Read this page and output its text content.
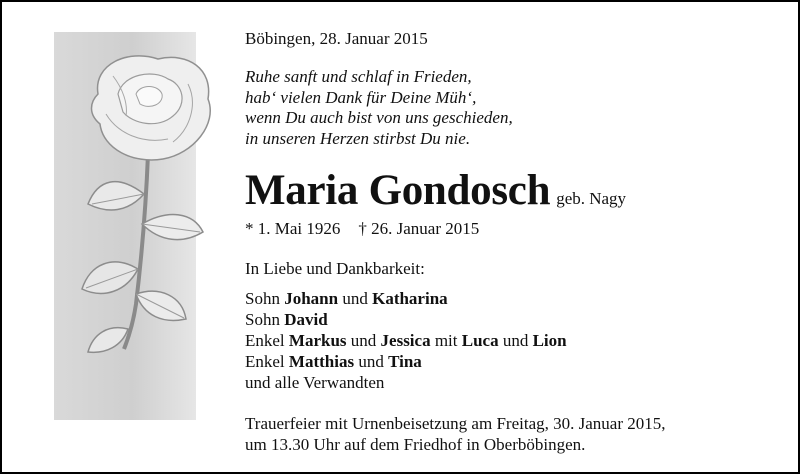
Böbingen, 28. Januar 2015
Ruhe sanft und schlaf in Frieden,
hab‘ vielen Dank für Deine Müh‘,
wenn Du auch bist von uns geschieden,
in unseren Herzen stirbst Du nie.
Maria Gondosch geb. Nagy
* 1. Mai 1926 † 26. Januar 2015
In Liebe und Dankbarkeit:
Sohn Johann und Katharina
Sohn David
Enkel Markus und Jessica mit Luca und Lion
Enkel Matthias und Tina
und alle Verwandten
Trauerfeier mit Urnenbeisetzung am Freitag, 30. Januar 2015,
um 13.30 Uhr auf dem Friedhof in Oberböbingen.
